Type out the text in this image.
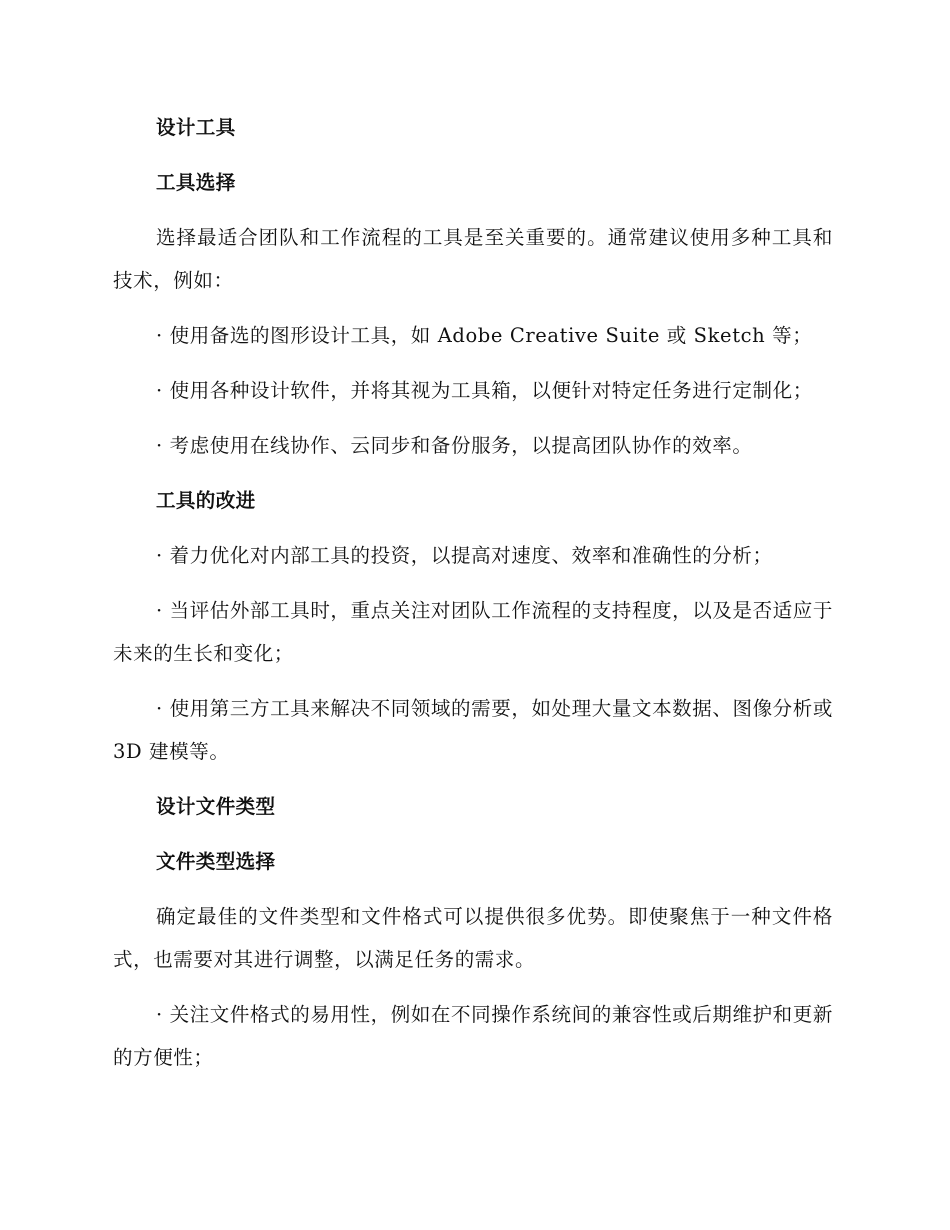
设计工具

工具选择

选择最适合团队和工作流程的工具是至关重要的。通常建议使用多种工具和技术，例如：

· 使用备选的图形设计工具，如 Adobe Creative Suite 或 Sketch 等；

· 使用各种设计软件，并将其视为工具箱，以便针对特定任务进行定制化；

· 考虑使用在线协作、云同步和备份服务，以提高团队协作的效率。

工具的改进

· 着力优化对内部工具的投资，以提高对速度、效率和准确性的分析；

· 当评估外部工具时，重点关注对团队工作流程的支持程度，以及是否适应于未来的生长和变化；

· 使用第三方工具来解决不同领域的需要，如处理大量文本数据、图像分析或 3D 建模等。

设计文件类型

文件类型选择

确定最佳的文件类型和文件格式可以提供很多优势。即使聚焦于一种文件格式，也需要对其进行调整，以满足任务的需求。

· 关注文件格式的易用性，例如在不同操作系统间的兼容性或后期维护和更新的方便性；
